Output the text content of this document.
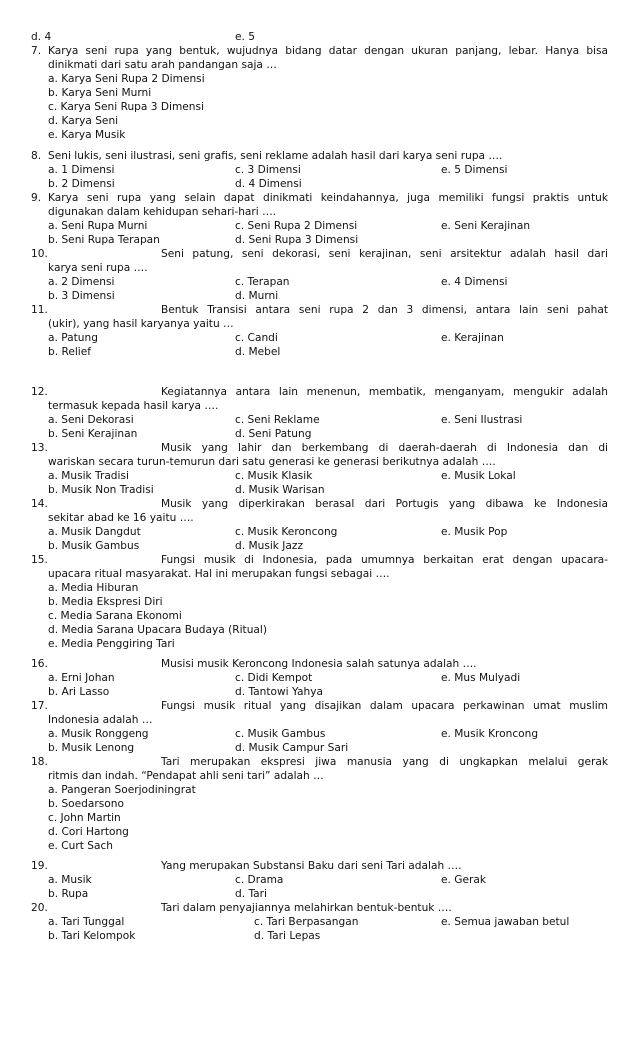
d. 4	e. 5
7. Karya seni rupa yang bentuk, wujudnya bidang datar dengan ukuran panjang, lebar. Hanya bisa
dinikmati dari satu arah pandangan saja …
a. Karya Seni Rupa 2 Dimensi
b. Karya Seni Murni
c. Karya Seni Rupa 3 Dimensi
d. Karya Seni
e. Karya Musik
8. Seni lukis, seni ilustrasi, seni grafis, seni reklame adalah hasil dari karya seni rupa ….
a. 1 Dimensi	c. 3 Dimensi	e. 5 Dimensi
b. 2 Dimensi	d. 4 Dimensi
9. Karya seni rupa yang selain dapat dinikmati keindahannya, juga memiliki fungsi praktis untuk
digunakan dalam kehidupan sehari-hari ….
a. Seni Rupa Murni	c. Seni Rupa 2 Dimensi	e. Seni Kerajinan
b. Seni Rupa Terapan	d. Seni Rupa 3 Dimensi
10.	Seni patung, seni dekorasi, seni kerajinan, seni arsitektur adalah hasil dari
karya seni rupa ….
a. 2 Dimensi	c. Terapan	e. 4 Dimensi
b. 3 Dimensi	d. Murni
11.	Bentuk Transisi antara seni rupa 2 dan 3 dimensi, antara lain seni pahat
(ukir), yang hasil karyanya yaitu …
a. Patung	c. Candi	e. Kerajinan
b. Relief	d. Mebel
12.	Kegiatannya antara lain menenun, membatik, menganyam, mengukir adalah
termasuk kepada hasil karya ….
a. Seni Dekorasi	c. Seni Reklame	e. Seni Ilustrasi
b. Seni Kerajinan	d. Seni Patung
13.	Musik yang lahir dan berkembang di daerah-daerah di Indonesia dan di
wariskan secara turun-temurun dari satu generasi ke generasi berikutnya adalah ….
a. Musik Tradisi	c. Musik Klasik	e. Musik Lokal
b. Musik Non Tradisi	d. Musik Warisan
14.	Musik yang diperkirakan berasal dari Portugis yang dibawa ke Indonesia
sekitar abad ke 16 yaitu ….
a. Musik Dangdut	c. Musik Keroncong	e. Musik Pop
b. Musik Gambus	d. Musik Jazz
15.	Fungsi musik di Indonesia, pada umumnya berkaitan erat dengan upacara-
upacara ritual masyarakat. Hal ini merupakan fungsi sebagai ….
a. Media Hiburan
b. Media Ekspresi Diri
c. Media Sarana Ekonomi
d. Media Sarana Upacara Budaya (Ritual)
e. Media Penggiring Tari
16.	Musisi musik Keroncong Indonesia salah satunya adalah ….
a. Erni Johan	c. Didi Kempot	e. Mus Mulyadi
b. Ari Lasso	d. Tantowi Yahya
17.	Fungsi musik ritual yang disajikan dalam upacara perkawinan umat muslim
Indonesia adalah …
a. Musik Ronggeng	c. Musik Gambus	e. Musik Kroncong
b. Musik Lenong	d. Musik Campur Sari
18.	Tari merupakan ekspresi jiwa manusia yang di ungkapkan melalui gerak
ritmis dan indah. “Pendapat ahli seni tari” adalah …
a. Pangeran Soerjodiningrat
b. Soedarsono
c. John Martin
d. Cori Hartong
e. Curt Sach
19.	Yang merupakan Substansi Baku dari seni Tari adalah ….
a. Musik	c. Drama	e. Gerak
b. Rupa	d. Tari
20.	Tari dalam penyajiannya melahirkan bentuk-bentuk ….
a. Tari Tunggal	c. Tari Berpasangan	e. Semua jawaban betul
b. Tari Kelompok	d. Tari Lepas
